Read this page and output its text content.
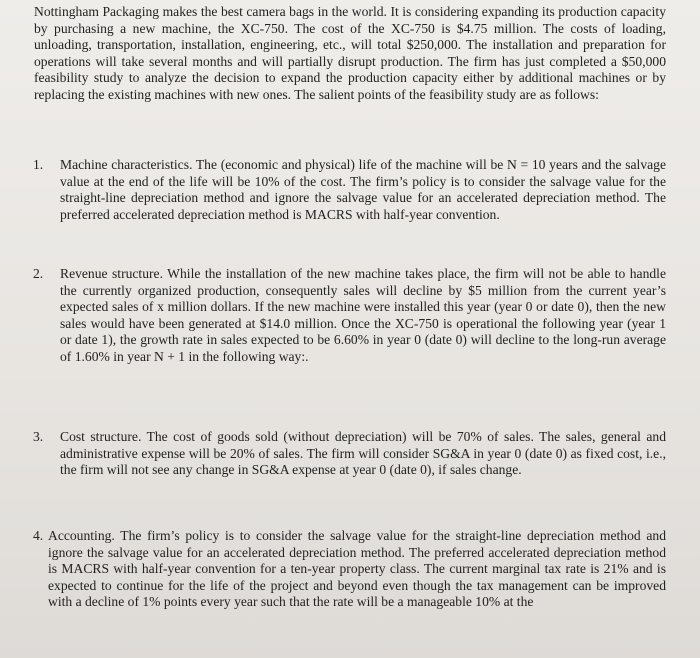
Nottingham Packaging makes the best camera bags in the world. It is considering expanding its production capacity by purchasing a new machine, the XC-750. The cost of the XC-750 is $4.75 million. The costs of loading, unloading, transportation, installation, engineering, etc., will total $250,000. The installation and preparation for operations will take several months and will partially disrupt production. The firm has just completed a $50,000 feasibility study to analyze the decision to expand the production capacity either by additional machines or by replacing the existing machines with new ones. The salient points of the feasibility study are as follows:

1.	Machine characteristics. The (economic and physical) life of the machine will be N = 10 years and the salvage value at the end of the life will be 10% of the cost. The firm’s policy is to consider the salvage value for the straight-line depreciation method and ignore the salvage value for an accelerated depreciation method. The preferred accelerated depreciation method is MACRS with half-year convention.

2.	Revenue structure. While the installation of the new machine takes place, the firm will not be able to handle the currently organized production, consequently sales will decline by $5 million from the current year’s expected sales of x million dollars. If the new machine were installed this year (year 0 or date 0), then the new sales would have been generated at $14.0 million. Once the XC-750 is operational the following year (year 1 or date 1), the growth rate in sales expected to be 6.60% in year 0 (date 0) will decline to the long-run average of 1.60% in year N + 1 in the following way:.

3.	Cost structure. The cost of goods sold (without depreciation) will be 70% of sales. The sales, general and administrative expense will be 20% of sales. The firm will consider SG&A in year 0 (date 0) as fixed cost, i.e., the firm will not see any change in SG&A expense at year 0 (date 0), if sales change.

4. Accounting. The firm’s policy is to consider the salvage value for the straight-line depreciation method and ignore the salvage value for an accelerated depreciation method. The preferred accelerated depreciation method is MACRS with half-year convention for a ten-year property class. The current marginal tax rate is 21% and is expected to continue for the life of the project and beyond even though the tax management can be improved with a decline of 1% points every year such that the rate will be a manageable 10% at the
